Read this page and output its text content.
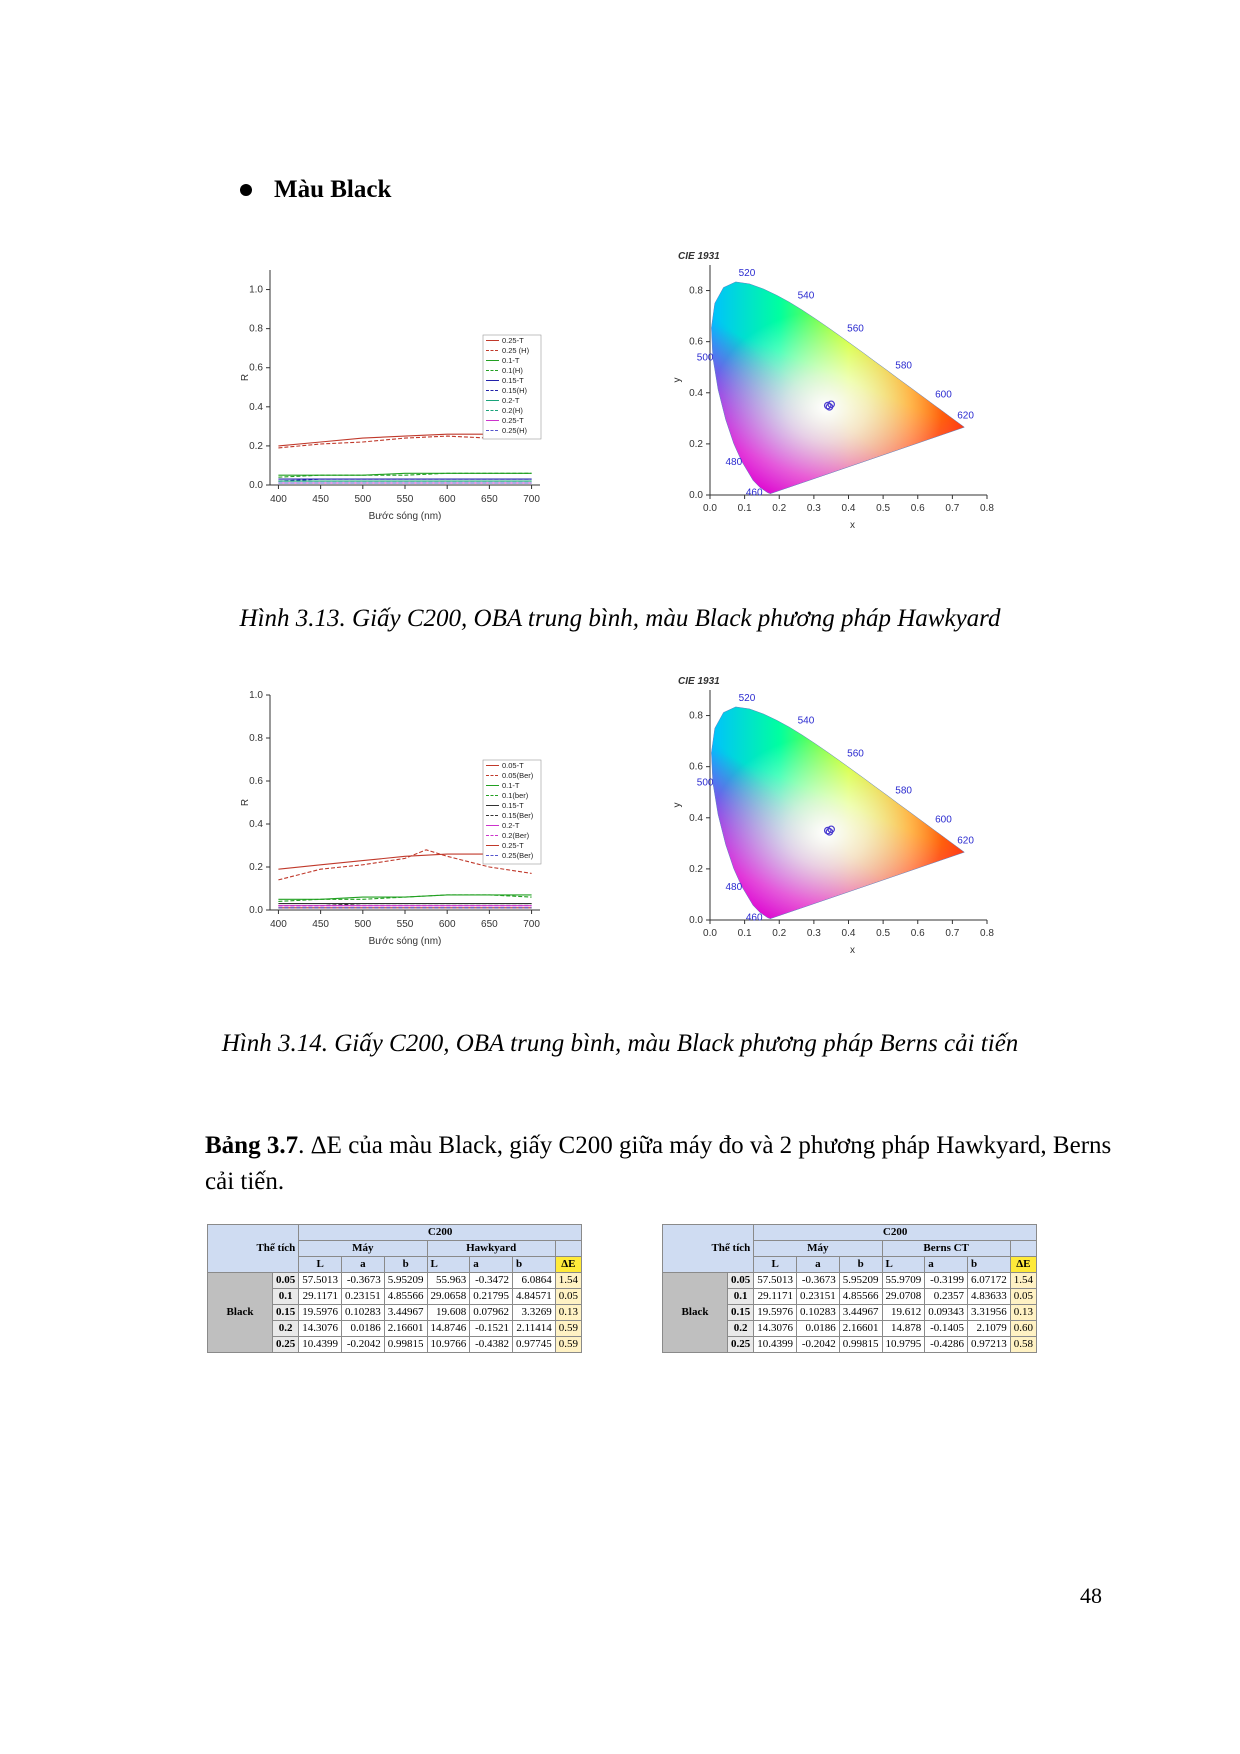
Màu Black
400	450	500	550	600	650	700
0.0
0.2
0.4
0.6
0.8
1.0
Bước sóng (nm)
R
0.25-T
0.25 (H)
0.1-T
0.1(H)
0.15-T
0.15(H)
0.2-T
0.2(H)
0.25-T
0.25(H)
0.0 0.1 0.2 0.3 0.4 0.5 0.6 0.7 0.8
0.0
0.2
0.4
0.6
0.8
x
y
CIE 1931
460
480
500
520
540
560
580
600
620
Hình 3.13. Giấy C200, OBA trung bình, màu Black phương pháp Hawkyard
400	450	500	550	600	650	700
0.0
0.2
0.4
0.6
0.8
1.0
Bước sóng (nm)
R
0.05-T
0.05(Ber)
0.1-T
0.1(ber)
0.15-T
0.15(Ber)
0.2-T
0.2(Ber)
0.25-T
0.25(Ber)
0.0 0.1 0.2 0.3 0.4 0.5 0.6 0.7 0.8
0.0
0.2
0.4
0.6
0.8
x
y
CIE 1931
460
480
500
520
540
560
580
600
620
Hình 3.14. Giấy C200, OBA trung bình, màu Black phương pháp Berns cải tiến
Bảng 3.7. ΔE của màu Black, giấy C200 giữa máy đo và 2 phương pháp Hawkyard, Berns cải tiến.
Thể tích		C200						
		Máy			Hawkyard			
		L	a	b	L	a	b	ΔE
Black	0.05	57.5013	-0.3673	5.95209	55.963	-0.3472	6.0864	1.54
	0.1	29.1171	0.23151	4.85566	29.0658	0.21795	4.84571	0.05
	0.15	19.5976	0.10283	3.44967	19.608	0.07962	3.3269	0.13
	0.2	14.3076	0.0186	2.16601	14.8746	-0.1521	2.11414	0.59
	0.25	10.4399	-0.2042	0.99815	10.9766	-0.4382	0.97745	0.59
Thể tích		C200						
		Máy			Berns CT			
		L	a	b	L	a	b	ΔE
Black	0.05	57.5013	-0.3673	5.95209	55.9709	-0.3199	6.07172	1.54
	0.1	29.1171	0.23151	4.85566	29.0708	0.2357	4.83633	0.05
	0.15	19.5976	0.10283	3.44967	19.612	0.09343	3.31956	0.13
	0.2	14.3076	0.0186	2.16601	14.878	-0.1405	2.1079	0.60
	0.25	10.4399	-0.2042	0.99815	10.9795	-0.4286	0.97213	0.58
48
